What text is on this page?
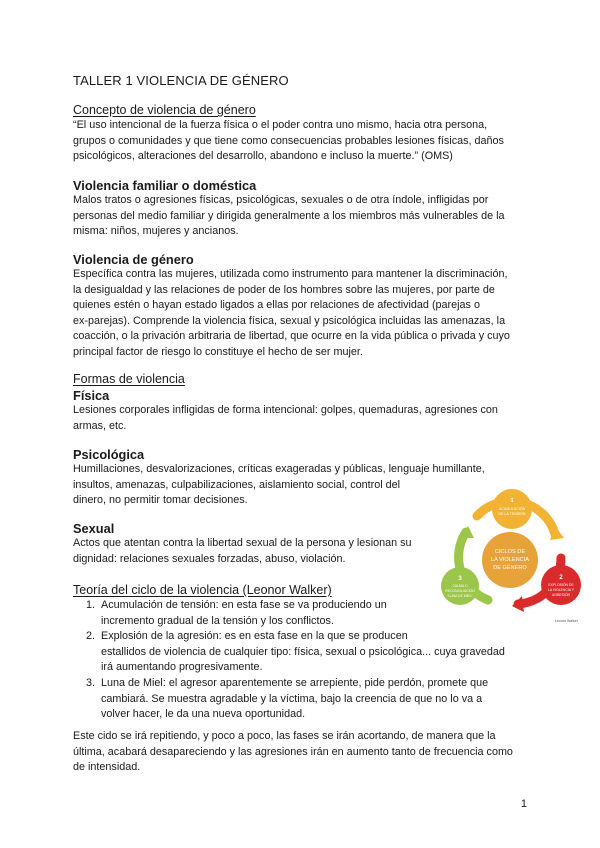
TALLER 1 VIOLENCIA DE GÉNERO
Concepto de violencia de género
“El uso intencional de la fuerza física o el poder contra uno mismo, hacia otra persona,
grupos o comunidades y que tiene como consecuencias probables lesiones físicas, daños
psicológicos, alteraciones del desarrollo, abandono e incluso la muerte.” (OMS)
Violencia familiar o doméstica
Malos tratos o agresiones físicas, psicológicas, sexuales o de otra índole, infligidas por
personas del medio familiar y dirigida generalmente a los miembros más vulnerables de la
misma: niños, mujeres y ancianos.
Violencia de género
Específica contra las mujeres, utilizada como instrumento para mantener la discriminación,
la desigualdad y las relaciones de poder de los hombres sobre las mujeres, por parte de
quienes estén o hayan estado ligados a ellas por relaciones de afectividad (parejas o
ex-parejas). Comprende la violencia física, sexual y psicológica incluidas las amenazas, la
coacción, o la privación arbitraria de libertad, que ocurre en la vida pública o privada y cuyo
principal factor de riesgo lo constituye el hecho de ser mujer.
Formas de violencia
Física
Lesiones corporales infligidas de forma intencional: golpes, quemaduras, agresiones con
armas, etc.
Psicológica
Humillaciones, desvalorizaciones, críticas exageradas y públicas, lenguaje humillante,
insultos, amenazas, culpabilizaciones, aislamiento social, control del
dinero, no permitir tomar decisiones.
Sexual
Actos que atentan contra la libertad sexual de la persona y lesionan su
dignidad: relaciones sexuales forzadas, abuso, violación.
Teoría del ciclo de la violencia (Leonor Walker)
1. Acumulación de tensión: en esta fase se va produciendo un
incremento gradual de la tensión y los conflictos.
2. Explosión de la agresión: es en esta fase en la que se producen
estallidos de violencia de cualquier tipo: física, sexual o psicológica... cuya gravedad
irá aumentando progresivamente.
3. Luna de Miel: el agresor aparentemente se arrepiente, pide perdón, promete que
cambiará. Se muestra agradable y la víctima, bajo la creencia de que no lo va a
volver hacer, le da una nueva oportunidad.
Este cido se irá repitiendo, y poco a poco, las fases se irán acortando, de manera que la
última, acabará desapareciendo y las agresiones irán en aumento tanto de frecuencia como
de intensidad.
CICLOS DE
LA VIOLENCIA
DE GÉNERO
1
ACUMULACIÓN
DE LA TENSIÓN
2
EXPLOSIÓN DE
LA VIOLENCIA Y
AGRESIÓN
3
CALMA O
RECONCILIACIÓN
“LUNA DE MIEL”
Leonor Walker
1
